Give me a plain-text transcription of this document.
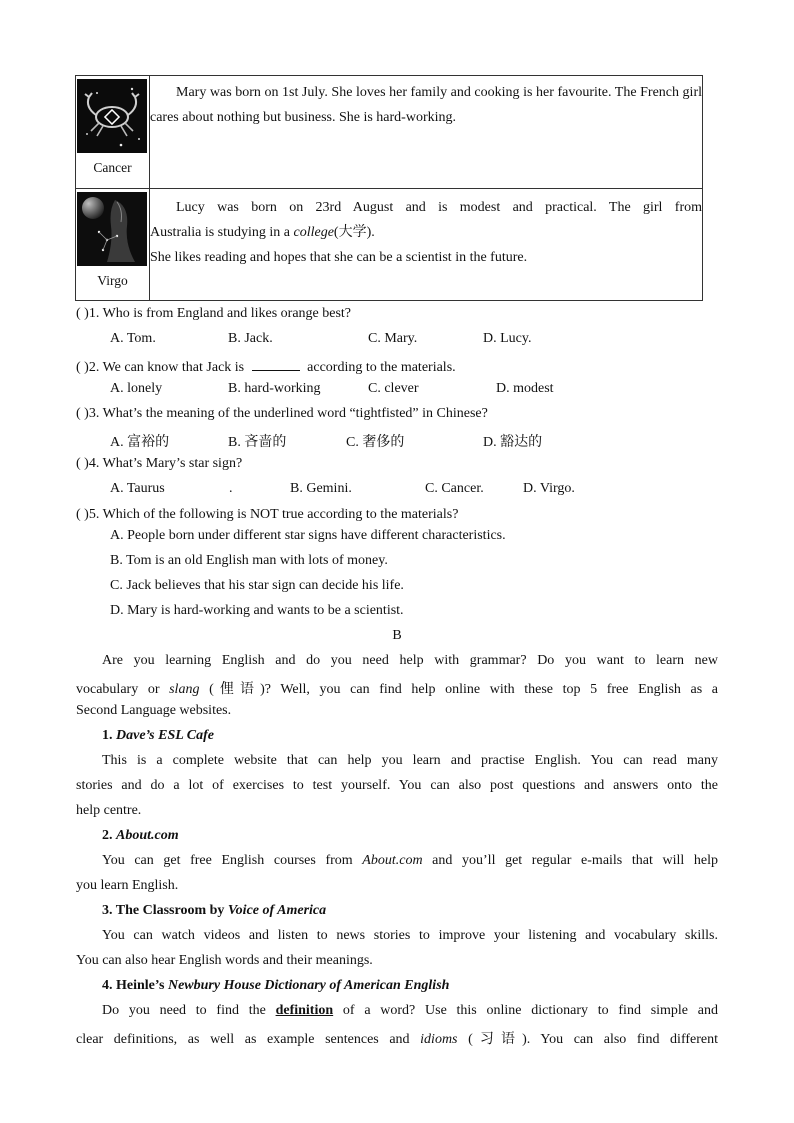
Cancer	Mary was born on 1st July. She loves her family and cooking is her favourite. The French girl cares about nothing but business. She is hard-working.

Virgo	Lucy was born on 23rd August and is modest and practical. The girl from

Australia is studying in a college(大学).

She likes reading and hopes that she can be a scientist in the future.

( )1. Who is from England and likes orange best?
A. Tom.	B. Jack.	C. Mary.	D. Lucy.
( )2. We can know that Jack is	according to the materials.
A. lonely	B. hard-working	C. clever	D. modest
( )3. What’s the meaning of the underlined word “tightfisted” in Chinese?
A. 富裕的	B. 吝啬的	C. 奢侈的	D. 豁达的
( )4. What’s Mary’s star sign?
A. Taurus	.	B. Gemini.	C. Cancer.	D. Virgo.
( )5. Which of the following is NOT true according to the materials?
A. People born under different star signs have different characteristics.
B. Tom is an old English man with lots of money.
C. Jack believes that his star sign can decide his life.
D. Mary is hard-working and wants to be a scientist.
B
Are you learning English and do you need help with grammar? Do you want to learn new
vocabulary or slang (俚语)? Well, you can find help online with these top 5 free English as a
Second Language websites.
1. Dave’s ESL Cafe
This is a complete website that can help you learn and practise English. You can read many
stories and do a lot of exercises to test yourself. You can also post questions and answers onto the
help centre.
2. About.com
You can get free English courses from About.com and you’ll get regular e-mails that will help
you learn English.
3. The Classroom by Voice of America
You can watch videos and listen to news stories to improve your listening and vocabulary skills.
You can also hear English words and their meanings.
4. Heinle’s Newbury House Dictionary of American English
Do you need to find the definition of a word? Use this online dictionary to find simple and
clear definitions, as well as example sentences and idioms (习语). You can also find different
